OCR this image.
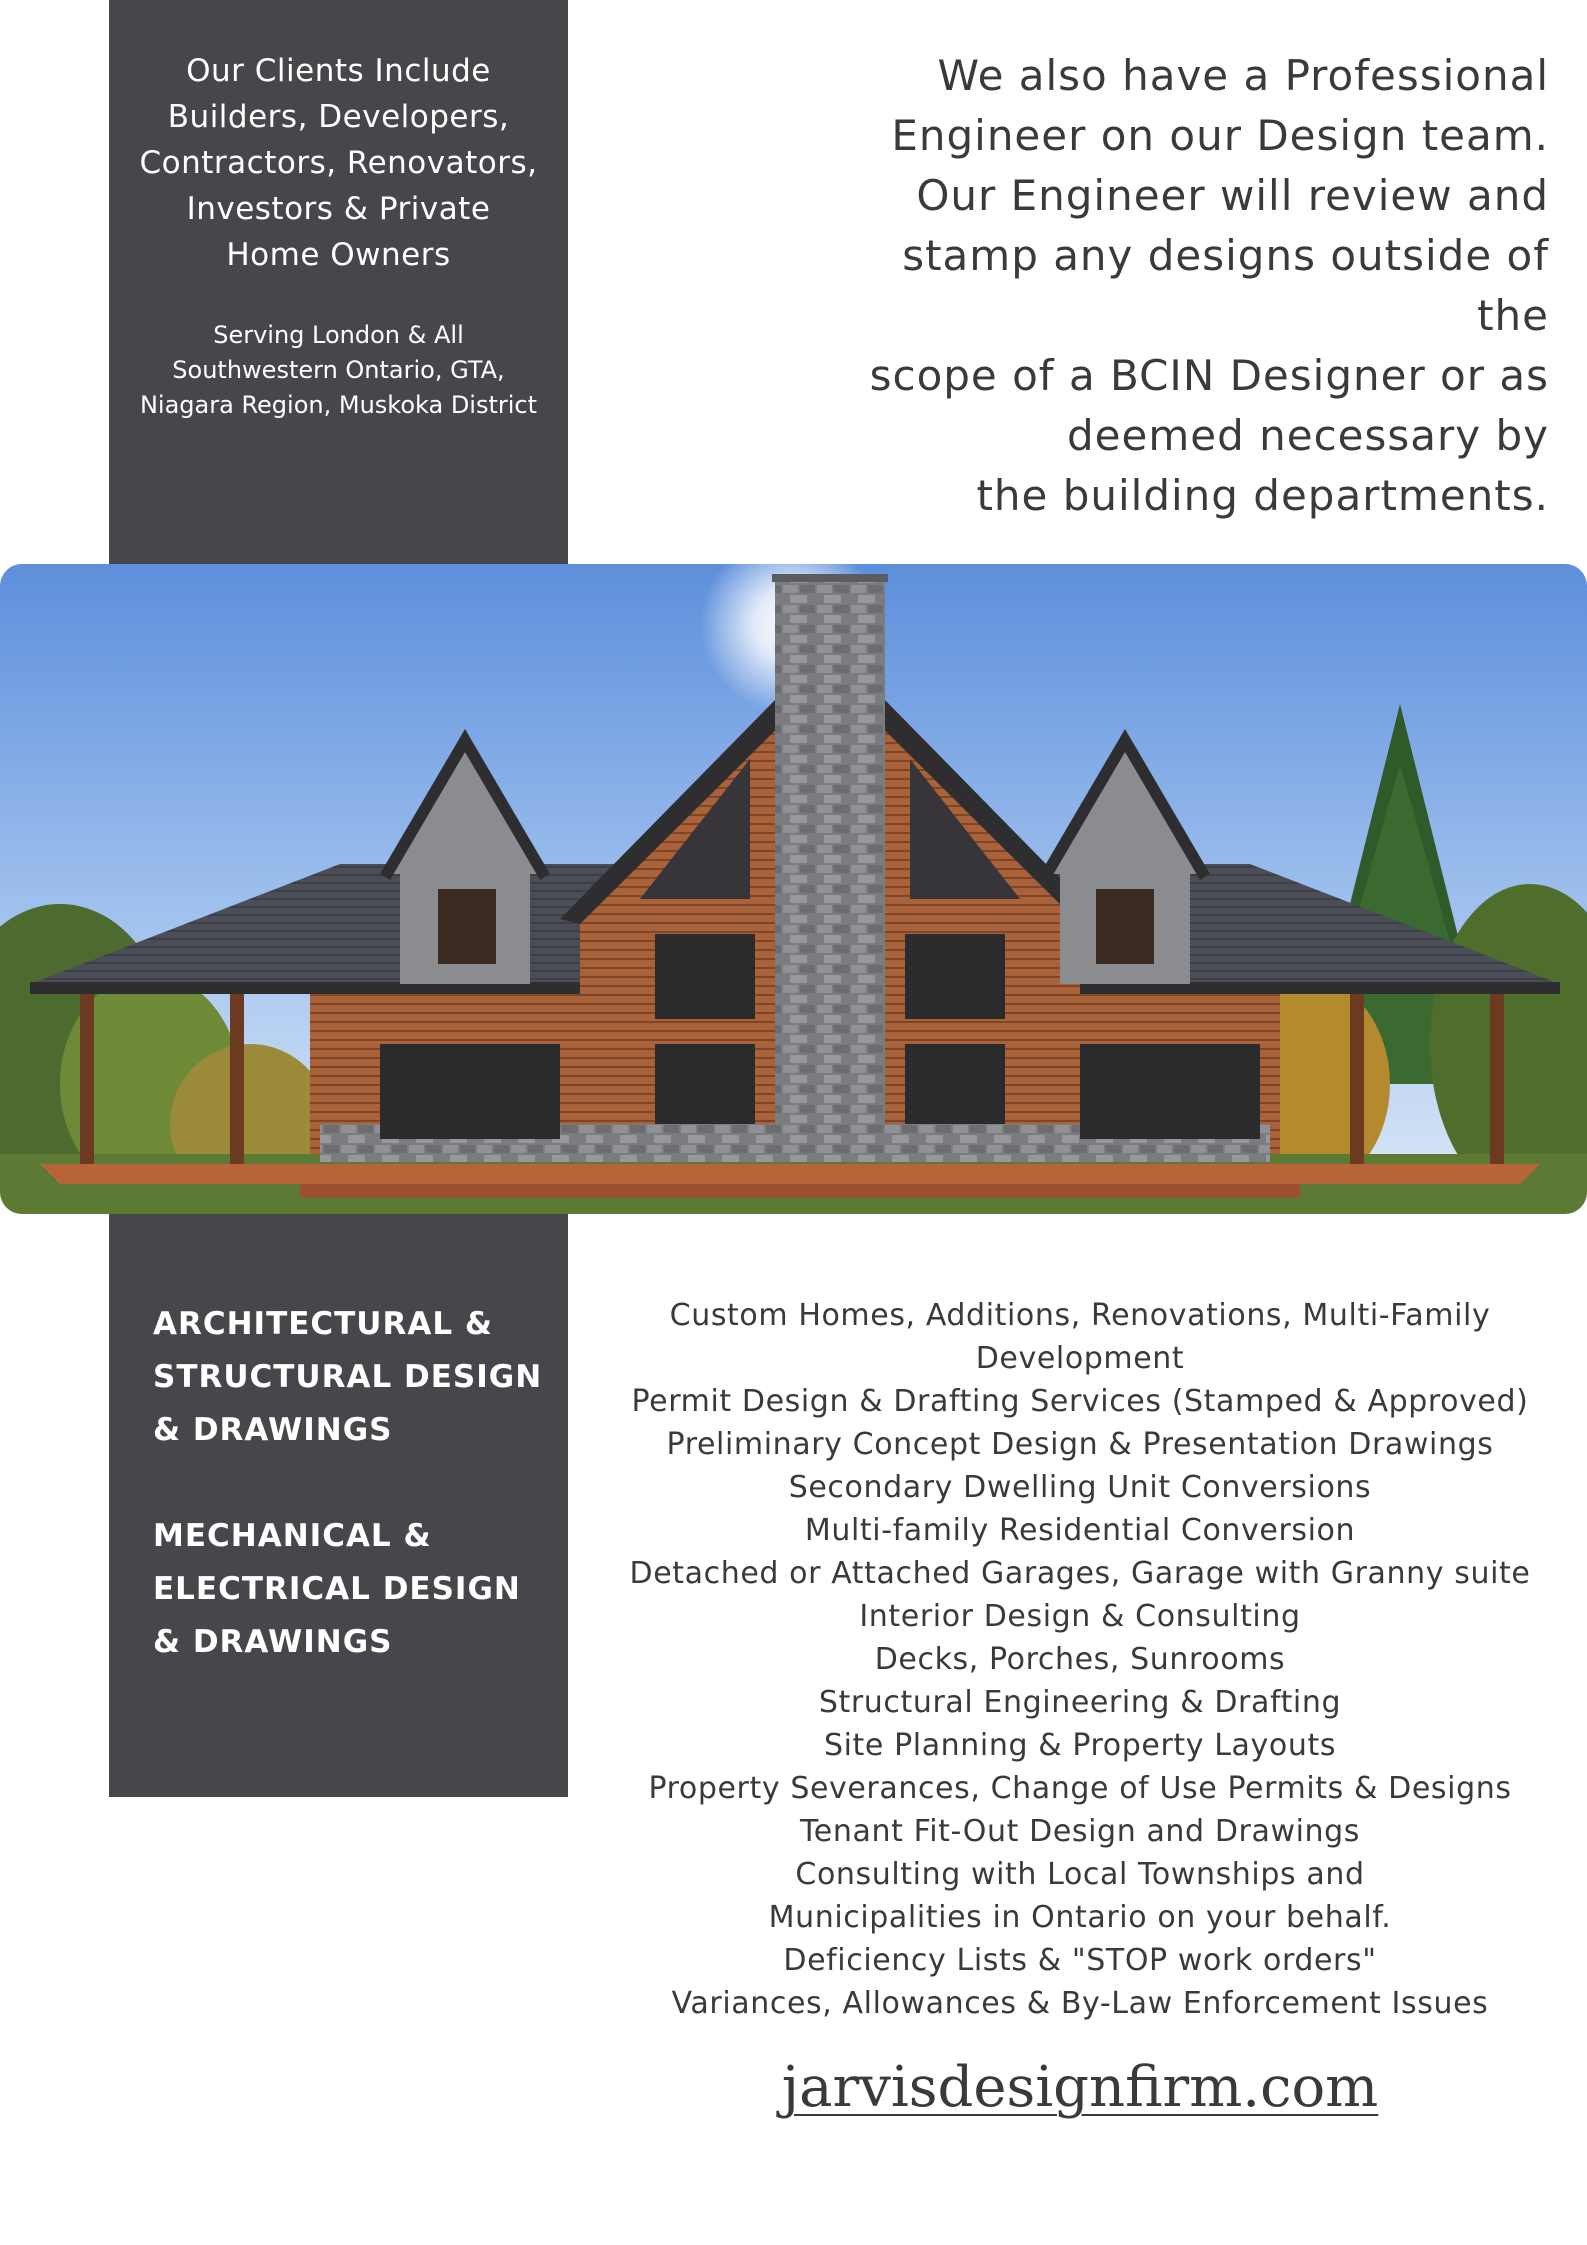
Our Clients Include Builders, Developers, Contractors, Renovators, Investors & Private Home Owners
Serving London & All Southwestern Ontario, GTA, Niagara Region, Muskoka District
We also have a Professional
Engineer on our Design team.
Our Engineer will review and
stamp any designs outside of the
scope of a BCIN Designer or as
deemed necessary by
the building departments.
ARCHITECTURAL & STRUCTURAL DESIGN & DRAWINGS
MECHANICAL & ELECTRICAL DESIGN & DRAWINGS
Custom Homes, Additions, Renovations, Multi-Family Development
Permit Design & Drafting Services (Stamped & Approved)
Preliminary Concept Design & Presentation Drawings
Secondary Dwelling Unit Conversions
Multi-family Residential Conversion
Detached or Attached Garages, Garage with Granny suite
Interior Design & Consulting
Decks, Porches, Sunrooms
Structural Engineering & Drafting
Site Planning & Property Layouts
Property Severances, Change of Use Permits & Designs
Tenant Fit-Out Design and Drawings
Consulting with Local Townships and
Municipalities in Ontario on your behalf.
Deficiency Lists & "STOP work orders"
Variances, Allowances & By-Law Enforcement Issues
jarvisdesignfirm.com
